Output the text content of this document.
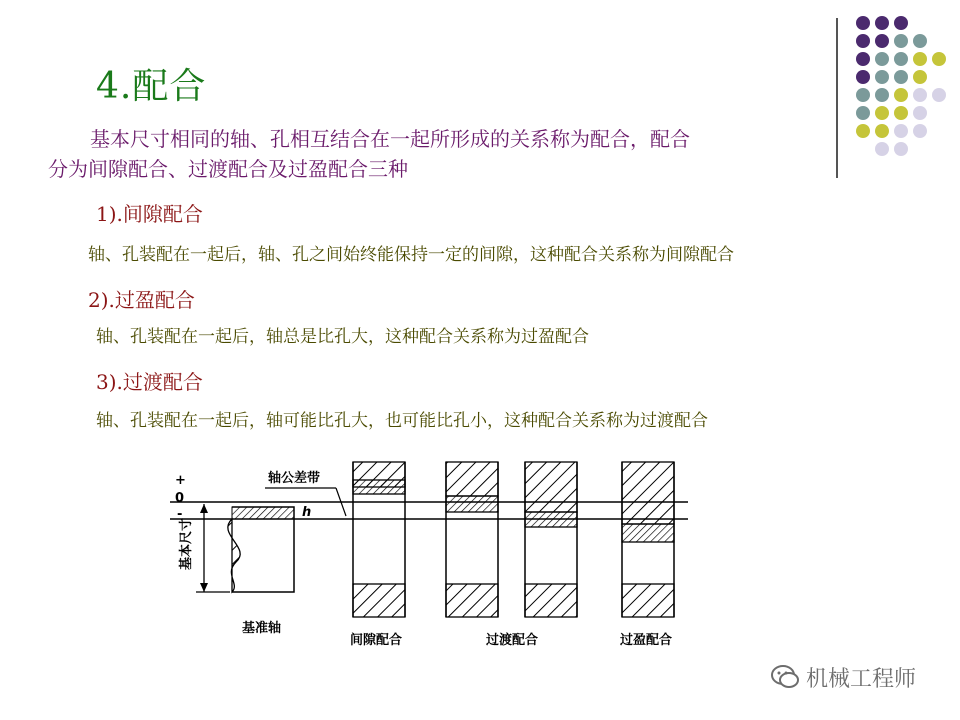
4.配合
基本尺寸相同的轴、孔相互结合在一起所形成的关系称为配合，配合
分为间隙配合、过渡配合及过盈配合三种
1).间隙配合
轴、孔装配在一起后，轴、孔之间始终能保持一定的间隙，这种配合关系称为间隙配合
2).过盈配合
轴、孔装配在一起后，轴总是比孔大，这种配合关系称为过盈配合
3).过渡配合
轴、孔装配在一起后，轴可能比孔大，也可能比孔小，这种配合关系称为过渡配合
+
0
-
基本尺寸
h
轴公差带
基准轴
间隙配合	过渡配合	过盈配合
机械工程师
